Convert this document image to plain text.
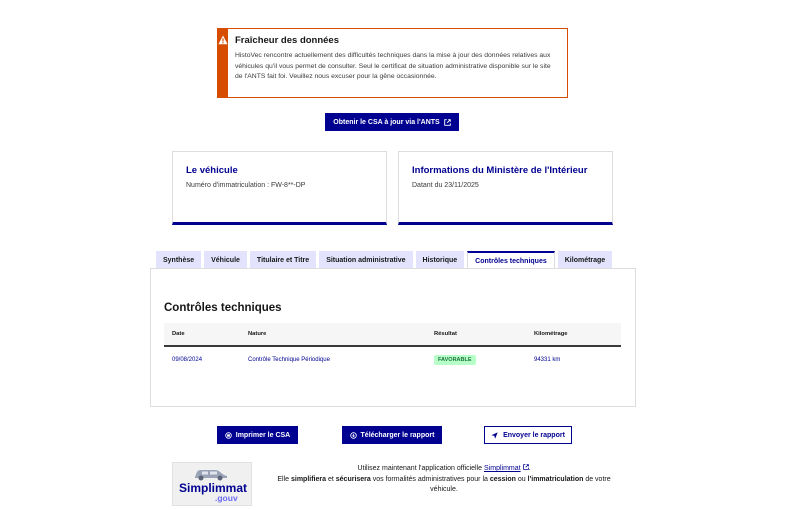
Fraîcheur des données
HistoVec rencontre actuellement des difficultés techniques dans la mise à jour des données relatives aux véhicules qu'il vous permet de consulter. Seul le certificat de situation administrative disponible sur le site de l'ANTS fait foi. Veuillez nous excuser pour la gêne occasionnée.
Obtenir le CSA à jour via l'ANTS
Le véhicule
Numéro d'immatriculation : FW-8**-DP
Informations du Ministère de l'Intérieur
Datant du 23/11/2025
Synthèse	Véhicule	Titulaire et Titre	Situation administrative	Historique	Contrôles techniques	Kilométrage
Contrôles techniques
Date	Nature	Résultat	Kilométrage
09/08/2024	Contrôle Technique Périodique	FAVORABLE	94331 km
Imprimer le CSA	Télécharger le rapport	Envoyer le rapport
Simplimmat
.gouv
Utilisez maintenant l'application officielle Simplimmat .
Elle simplifiera et sécurisera vos formalités administratives pour la cession ou l'immatriculation de votre véhicule.
